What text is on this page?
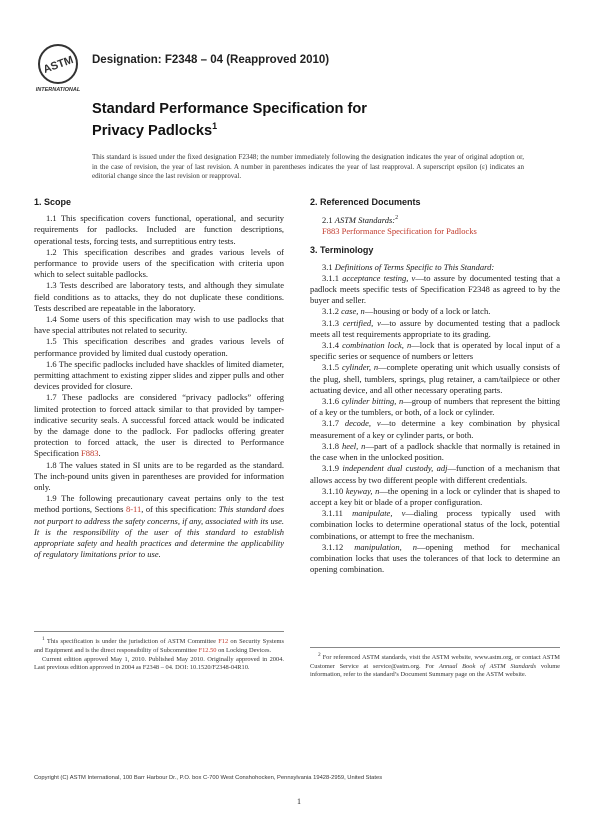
ASTM
INTERNATIONAL
Designation: F2348 – 04 (Reapproved 2010)
Standard Performance Specification for
Privacy Padlocks$^1$
This standard is issued under the fixed designation F2348; the number immediately following the designation indicates the year of original adoption or, in the case of revision, the year of last revision. A number in parentheses indicates the year of last reapproval. A superscript epsilon (ε) indicates an editorial change since the last revision or reapproval.
1. Scope

1.1 This specification covers functional, operational, and security requirements for padlocks. Included are function descriptions, operational tests, forcing tests, and surreptitious entry tests.

1.2 This specification describes and grades various levels of performance to provide users of the specification with criteria upon which to select suitable padlocks.

1.3 Tests described are laboratory tests, and although they simulate field conditions as to attacks, they do not duplicate these conditions. Tests described are repeatable in the laboratory.

1.4 Some users of this specification may wish to use padlocks that have special attributes not related to security.

1.5 This specification describes and grades various levels of performance provided by limited dual custody operation.

1.6 The specific padlocks included have shackles of limited diameter, permitting attachment to existing zipper slides and zipper pulls and other devices provided for closure.

1.7 These padlocks are considered “privacy padlocks” offering limited protection to forced attack similar to that provided by tamper-indicative security seals. A successful forced attack would be indicated by the damage done to the padlock. For padlocks offering greater protection to forced attack, the user is directed to Performance Specification F883.

1.8 The values stated in SI units are to be regarded as the standard. The inch-pound units given in parentheses are provided for information only.

1.9 The following precautionary caveat pertains only to the test method portions, Sections 8-11, of this specification: This standard does not purport to address the safety concerns, if any, associated with its use. It is the responsibility of the user of this standard to establish appropriate safety and health practices and determine the applicability of regulatory limitations prior to use.

2. Referenced Documents

2.1 ASTM Standards:$^2$

F883 Performance Specification for Padlocks

3. Terminology

3.1 Definitions of Terms Specific to This Standard:

3.1.1 acceptance testing, v—to assure by documented testing that a padlock meets specific tests of Specification F2348 as agreed to by the buyer and seller.

3.1.2 case, n—housing or body of a lock or latch.

3.1.3 certified, v—to assure by documented testing that a padlock meets all test requirements appropriate to its grading.

3.1.4 combination lock, n—lock that is operated by local input of a specific series or sequence of numbers or letters

3.1.5 cylinder, n—complete operating unit which usually consists of the plug, shell, tumblers, springs, plug retainer, a cam/tailpiece or other actuating device, and all other necessary operating parts.

3.1.6 cylinder bitting, n—group of numbers that represent the bitting of a key or the tumblers, or both, of a lock or cylinder.

3.1.7 decode, v—to determine a key combination by physical measurement of a key or cylinder parts, or both.

3.1.8 heel, n—part of a padlock shackle that normally is retained in the case when in the unlocked position.

3.1.9 independent dual custody, adj—function of a mechanism that allows access by two different people with different credentials.

3.1.10 keyway, n—the opening in a lock or cylinder that is shaped to accept a key bit or blade of a proper configuration.

3.1.11 manipulate, v—dialing process typically used with combination locks to determine operational status of the lock, potential combinations, or attempt to free the mechanism.

3.1.12 manipulation, n—opening method for mechanical combination locks that uses the tolerances of that lock to determine an opening combination.

$^1$ This specification is under the jurisdiction of ASTM Committee F12 on Security Systems and Equipment and is the direct responsibility of Subcommittee F12.50 on Locking Devices.

Current edition approved May 1, 2010. Published May 2010. Originally approved in 2004. Last previous edition approved in 2004 as F2348 – 04. DOI: 10.1520/F2348-04R10.

$^2$ For referenced ASTM standards, visit the ASTM website, www.astm.org, or contact ASTM Customer Service at service@astm.org. For Annual Book of ASTM Standards volume information, refer to the standard’s Document Summary page on the ASTM website.

Copyright (C) ASTM International, 100 Barr Harbour Dr., P.O. box C-700 West Conshohocken, Pennsylvania 19428-2959, United States
1
